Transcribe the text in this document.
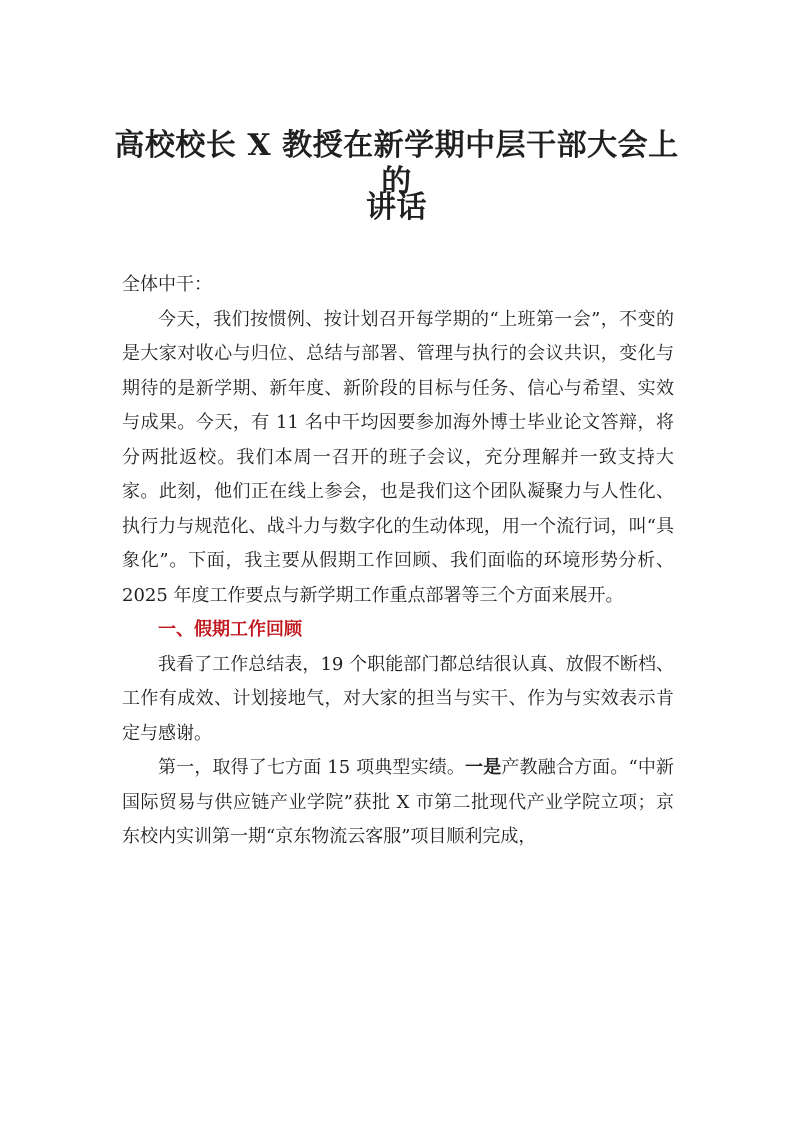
高校校长 X 教授在新学期中层干部大会上的
讲话

全体中干：

今天，我们按惯例、按计划召开每学期的“上班第一会”，不变的是大家对收心与归位、总结与部署、管理与执行的会议共识，变化与期待的是新学期、新年度、新阶段的目标与任务、信心与希望、实效与成果。今天，有 11 名中干均因要参加海外博士毕业论文答辩，将分两批返校。我们本周一召开的班子会议，充分理解并一致支持大家。此刻，他们正在线上参会，也是我们这个团队凝聚力与人性化、执行力与规范化、战斗力与数字化的生动体现，用一个流行词，叫“具象化”。下面，我主要从假期工作回顾、我们面临的环境形势分析、2025 年度工作要点与新学期工作重点部署等三个方面来展开。

一、假期工作回顾

我看了工作总结表，19 个职能部门都总结很认真、放假不断档、工作有成效、计划接地气，对大家的担当与实干、作为与实效表示肯定与感谢。

第一，取得了七方面 15 项典型实绩。一是产教融合方面。“中新国际贸易与供应链产业学院”获批 X 市第二批现代产业学院立项；京东校内实训第一期“京东物流云客服”项目顺利完成，
